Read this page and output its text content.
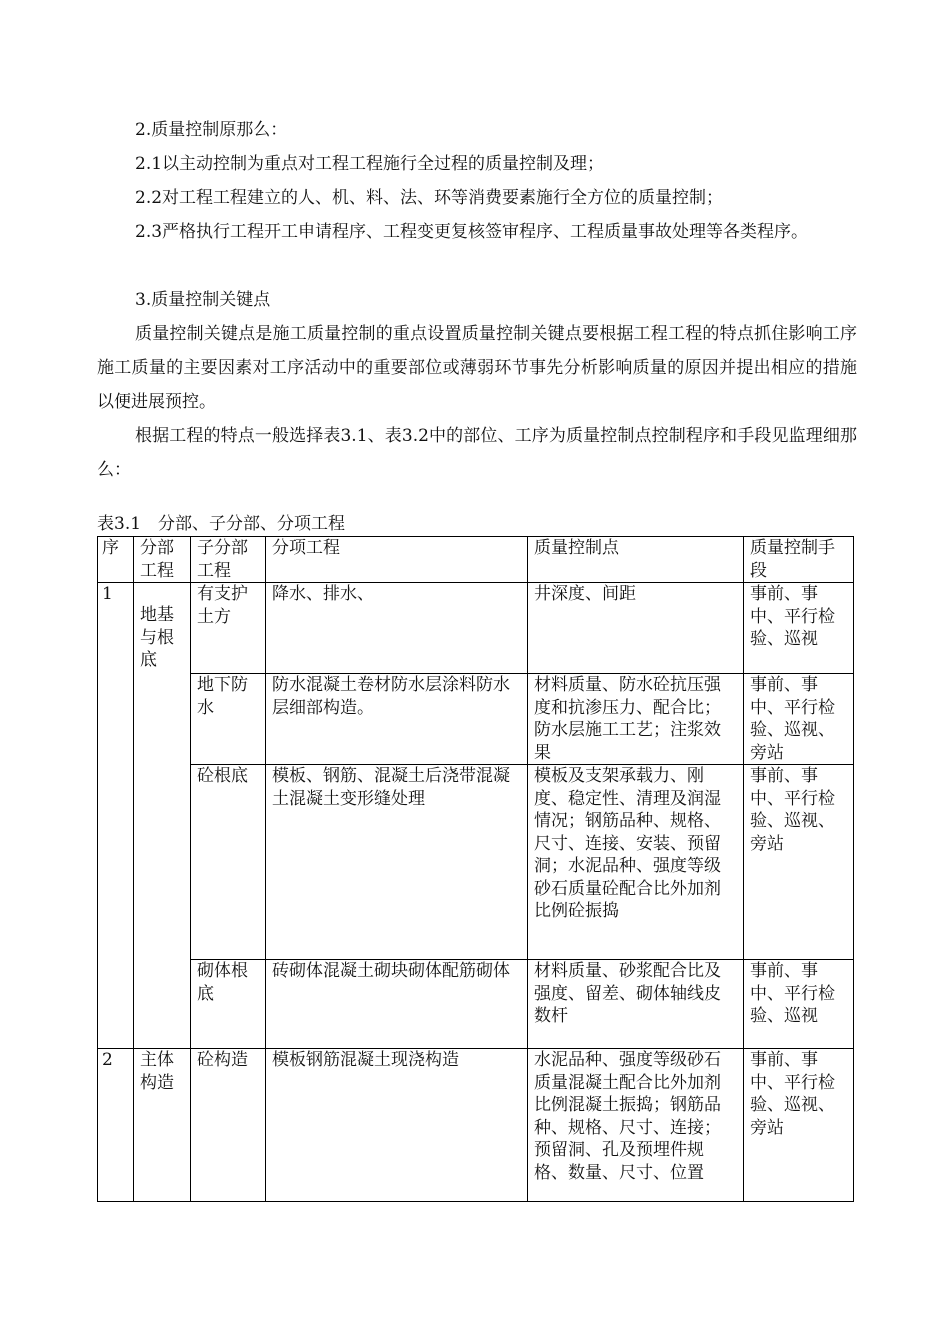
2.质量控制原那么：

2.1以主动控制为重点对工程工程施行全过程的质量控制及理；

2.2对工程工程建立的人、机、料、法、环等消费要素施行全方位的质量控制；

2.3严格执行工程开工申请程序、工程变更复核签审程序、工程质量事故处理等各类程序。

3.质量控制关键点

质量控制关键点是施工质量控制的重点设置质量控制关键点要根据工程工程的特点抓住影响工序施工质量的主要因素对工序活动中的重要部位或薄弱环节事先分析影响质量的原因并提出相应的措施以便进展预控。

根据工程的特点一般选择表3.1、表3.2中的部位、工序为质量控制点控制程序和手段见监理细那么：

表3.1　分部、子分部、分项工程

序	分部工程	子分部工程	分项工程	质量控制点	质量控制手段
1	地基与根底	有支护土方	降水、排水、	井深度、间距	事前、事中、平行检验、巡视
		地下防水	防水混凝土卷材防水层涂料防水层细部构造。	材料质量、防水砼抗压强度和抗渗压力、配合比；防水层施工工艺；注浆效果	事前、事中、平行检验、巡视、旁站
		砼根底	模板、钢筋、混凝土后浇带混凝土混凝土变形缝处理	模板及支架承载力、刚度、稳定性、清理及润湿情况；钢筋品种、规格、尺寸、连接、安装、预留洞；水泥品种、强度等级砂石质量砼配合比外加剂比例砼振捣	事前、事中、平行检验、巡视、旁站
		砌体根底	砖砌体混凝土砌块砌体配筋砌体	材料质量、砂浆配合比及强度、留差、砌体轴线皮数杆	事前、事中、平行检验、巡视
2	主体构造	砼构造	模板钢筋混凝土现浇构造	水泥品种、强度等级砂石质量混凝土配合比外加剂比例混凝土振捣；钢筋品种、规格、尺寸、连接；预留洞、孔及预埋件规格、数量、尺寸、位置	事前、事中、平行检验、巡视、旁站
